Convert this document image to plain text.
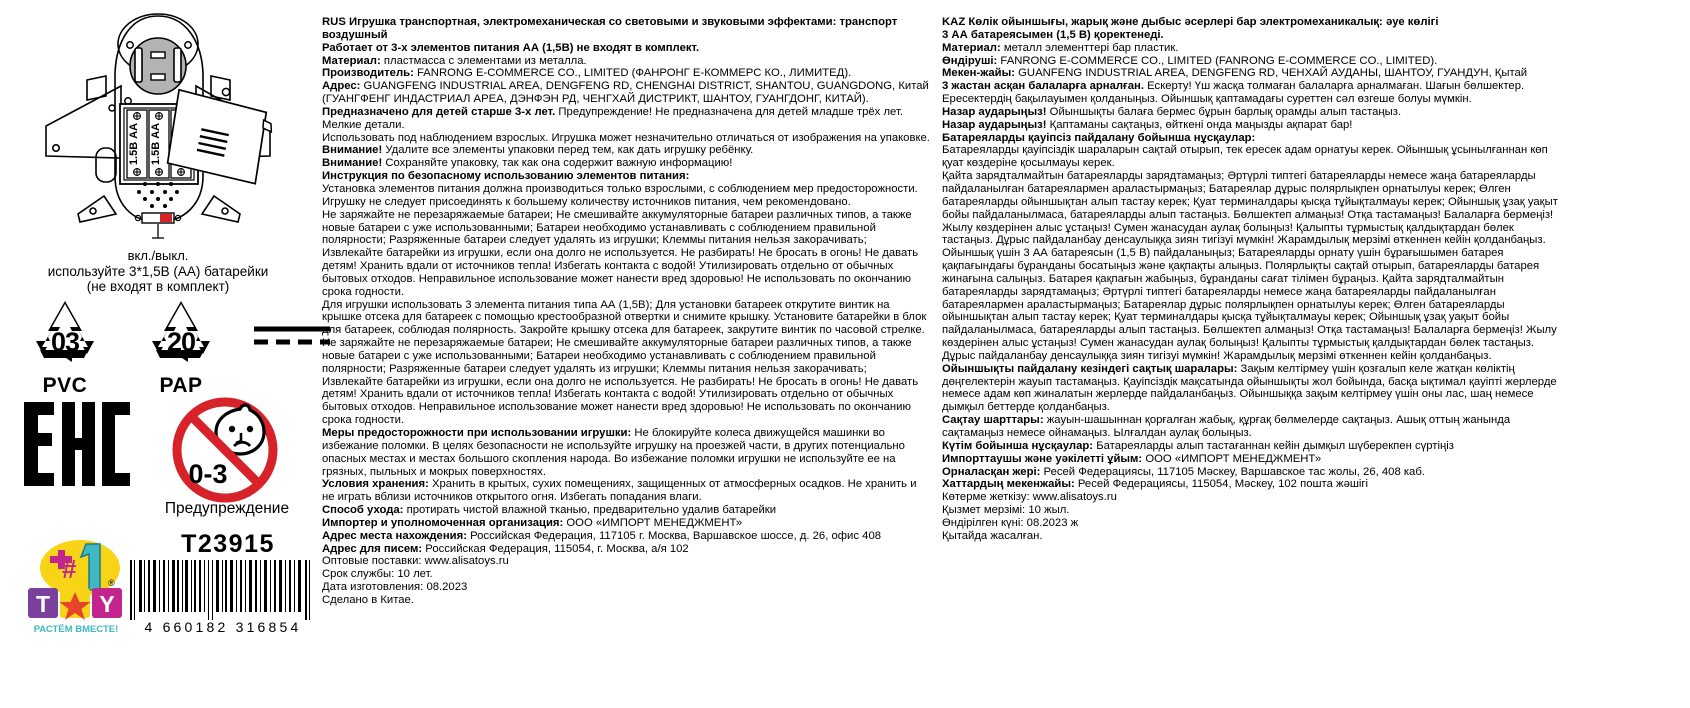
1.5В АА 1.5В АА
вкл./выкл.
используйте 3*1,5В (АА) батарейки
(не входят в комплект)
03
PVC
20
PAP
0-3
Предупреждение
T23915
4 660182 316854
#	®
T Y
РАСТЁМ ВМЕСТЕ!

RUS Игрушка транспортная, электромеханическая со световыми и звуковыми эффектами: транспорт воздушный

Работает от 3-х элементов питания АА (1,5В) не входят в комплект.

Материал: пластмасса с элементами из металла.

Производитель: FANRONG E-COMMERCE CO., LIMITED (ФАНРОНГ Е-КОММЕРС КО., ЛИМИТЕД).

Адрес: GUANGFENG INDUSTRIAL AREA, DENGFENG RD, CHENGHAI DISTRICT, SHANTOU, GUANGDONG, Китай (ГУАНГФЕНГ ИНДАСТРИАЛ АРЕА, ДЭНФЭН РД, ЧЕНГХАЙ ДИСТРИКТ, ШАНТОУ, ГУАНГДОНГ, КИТАЙ).

Предназначено для детей старше 3-х лет. Предупреждение! Не предназначена для детей младше трёх лет. Мелкие детали.

Использовать под наблюдением взрослых. Игрушка может незначительно отличаться от изображения на упаковке.

Внимание! Удалите все элементы упаковки перед тем, как дать игрушку ребёнку.

Внимание! Сохраняйте упаковку, так как она содержит важную информацию!

Инструкция по безопасному использованию элементов питания:

Установка элементов питания должна производиться только взрослыми, с соблюдением мер предосторожности. Игрушку не следует присоединять к большему количеству источников питания, чем рекомендовано.

Не заряжайте не перезаряжаемые батареи; Не смешивайте аккумуляторные батареи различных типов, а также новые батареи с уже использованными; Батареи необходимо устанавливать с соблюдением правильной полярности; Разряженные батареи следует удалять из игрушки; Клеммы питания нельзя закорачивать; Извлекайте батарейки из игрушки, если она долго не используется. Не разбирать! Не бросать в огонь! Не давать детям! Хранить вдали от источников тепла! Избегать контакта с водой! Утилизировать отдельно от обычных бытовых отходов. Неправильное использование может нанести вред здоровью! Не использовать по окончанию срока годности.

Для игрушки использовать 3 элемента питания типа АА (1,5В); Для установки батареек открутите винтик на крышке отсека для батареек с помощью крестообразной отвертки и снимите крышку. Установите батарейки в блок для батареек, соблюдая полярность. Закройте крышку отсека для батареек, закрутите винтик по часовой стрелке. Не заряжайте не перезаряжаемые батареи; Не смешивайте аккумуляторные батареи различных типов, а также новые батареи с уже использованными; Батареи необходимо устанавливать с соблюдением правильной полярности; Разряженные батареи следует удалять из игрушки; Клеммы питания нельзя закорачивать; Извлекайте батарейки из игрушки, если она долго не используется. Не разбирать! Не бросать в огонь! Не давать детям! Хранить вдали от источников тепла! Избегать контакта с водой! Утилизировать отдельно от обычных бытовых отходов. Неправильное использование может нанести вред здоровью! Не использовать по окончанию срока годности.

Меры предосторожности при использовании игрушки: Не блокируйте колеса движущейся машинки во избежание поломки. В целях безопасности не используйте игрушку на проезжей части, в других потенциально опасных местах и местах большого скопления народа. Во избежание поломки игрушки не используйте ее на грязных, пыльных и мокрых поверхностях.

Условия хранения: Хранить в крытых, сухих помещениях, защищенных от атмосферных осадков. Не хранить и не играть вблизи источников открытого огня. Избегать попадания влаги.

Способ ухода: протирать чистой влажной тканью, предварительно удалив батарейки

Импортер и уполномоченная организация: ООО «ИМПОРТ МЕНЕДЖМЕНТ»

Адрес места нахождения: Российская Федерация, 117105 г. Москва, Варшавское шоссе, д. 26, офис 408

Адрес для писем: Российская Федерация, 115054, г. Москва, а/я 102

Оптовые поставки: www.alisatoys.ru

Срок службы: 10 лет.

Дата изготовления: 08.2023

Сделано в Китае.

KAZ Көлік ойыншығы, жарық және дыбыс әсерлері бар электромеханикалық: әуе көлігі

3 АА батареясымен (1,5 В) қоректенеді.

Материал: металл элементтері бар пластик.

Өндіруші: FANRONG E-COMMERCE CO., LIMITED (FANRONG E-COMMERCE CO., LIMITED).

Мекен-жайы: GUANFENG INDUSTRIAL AREA, DENGFENG RD, ЧЕНХАЙ АУДАНЫ, ШАНТОУ, ГУАНДУН, Қытай

3 жастан асқан балаларға арналған. Ескерту! Үш жасқа толмаған балаларға арналмаған. Шағын бөлшектер.

Ересектердің бақылауымен қолданыңыз. Ойыншық қаптамадағы суреттен сәл өзгеше болуы мүмкін.

Назар аударыңыз! Ойыншықты балаға бермес бұрын барлық орамды алып тастаңыз.

Назар аударыңыз! Қаптаманы сақтаңыз, өйткені онда маңызды ақпарат бар!

Батареяларды қауіпсіз пайдалану бойынша нұсқаулар:

Батареяларды қауіпсіздік шараларын сақтай отырып, тек ересек адам орнатуы керек. Ойыншық ұсынылғаннан көп қуат көздеріне қосылмауы керек.

Қайта зарядталмайтын батареяларды зарядтамаңыз; Әртүрлі типтегі батареяларды немесе жаңа батареяларды пайдаланылған батареялармен араластырмаңыз; Батареялар дұрыс полярлықпен орнатылуы керек; Өлген батареяларды ойыншықтан алып тастау керек; Қуат терминалдары қысқа тұйықталмауы керек; Ойыншық ұзақ уақыт бойы пайдаланылмаса, батареяларды алып тастаңыз. Бөлшектеп алмаңыз! Отқа тастамаңыз! Балаларға бермеңіз! Жылу көздерінен алыс ұстаңыз! Сумен жанасудан аулақ болыңыз! Қалыпты тұрмыстық қалдықтардан бөлек тастаңыз. Дұрыс пайдаланбау денсаулыққа зиян тигізуі мүмкін! Жарамдылық мерзімі өткеннен кейін қолданбаңыз.

Ойыншық үшін 3 АА батареясын (1,5 В) пайдаланыңыз; Батареяларды орнату үшін бұрағышымен батарея қақпағындағы бұранданы босатыңыз және қақпақты алыңыз. Полярлықты сақтай отырып, батареяларды батарея жинағына салыңыз. Батарея қақпағын жабыңыз, бұранданы сағат тілімен бұраңыз. Қайта зарядталмайтын батареяларды зарядтамаңыз; Әртүрлі типтегі батареяларды немесе жаңа батареяларды пайдаланылған батареялармен араластырмаңыз; Батареялар дұрыс полярлықпен орнатылуы керек; Өлген батареяларды ойыншықтан алып тастау керек; Қуат терминалдары қысқа тұйықталмауы керек; Ойыншық ұзақ уақыт бойы пайдаланылмаса, батареяларды алып тастаңыз. Бөлшектеп алмаңыз! Отқа тастамаңыз! Балаларға бермеңіз! Жылу көздерінен алыс ұстаңыз! Сумен жанасудан аулақ болыңыз! Қалыпты тұрмыстық қалдықтардан бөлек тастаңыз. Дұрыс пайдаланбау денсаулыққа зиян тигізуі мүмкін! Жарамдылық мерзімі өткеннен кейін қолданбаңыз.

Ойыншықты пайдалану кезіндегі сақтық шаралары: Зақым келтірмеу үшін қозғалып келе жатқан көліктің дөңгелектерін жауып тастамаңыз. Қауіпсіздік мақсатында ойыншықты жол бойында, басқа ықтимал қауіпті жерлерде немесе адам көп жиналатын жерлерде пайдаланбаңыз. Ойыншыққа зақым келтірмеу үшін оны лас, шаң немесе дымқыл беттерде қолданбаңыз.

Сақтау шарттары: жауын-шашыннан қорғалған жабық, құрғақ бөлмелерде сақтаңыз. Ашық оттың жанында сақтамаңыз немесе ойнамаңыз. Ылғалдан аулақ болыңыз.

Күтім бойынша нұсқаулар: Батареяларды алып тастағаннан кейін дымқыл шүберекпен сүртіңіз

Импорттаушы және уәкілетті ұйым: ООО «ИМПОРТ МЕНЕДЖМЕНТ»

Орналасқан жері: Ресей Федерациясы, 117105 Мәскеу, Варшавское тас жолы, 26, 408 каб.

Хаттардың мекенжайы: Ресей Федерациясы, 115054, Мәскеу, 102 пошта жәшігі

Көтерме жеткізу: www.alisatoys.ru

Қызмет мерзімі: 10 жыл.

Өндірілген күні: 08.2023 ж

Қытайда жасалған.
